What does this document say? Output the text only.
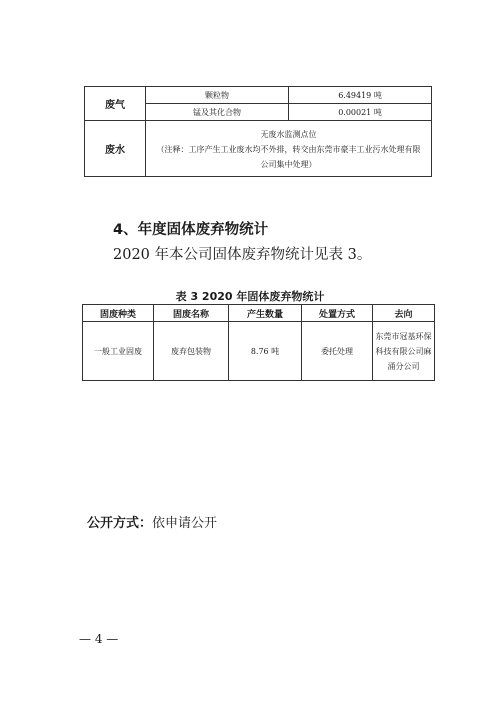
废气	颗粒物	6.49419 吨
	锰及其化合物	0.00021 吨
废水	无废水监测点位
（注释：工序产生工业废水均不外排，转交由东莞市豪丰工业污水处理有限
公司集中处理）	
4、年度固体废弃物统计
2020 年本公司固体废弃物统计见表 3。
表 3 2020 年固体废弃物统计
固废种类	固废名称	产生数量	处置方式	去向
一般工业固废	废弃包装物	8.76 吨	委托处理	东莞市冠基环保
科技有限公司麻
涌分公司
公开方式：依申请公开
— 4 —
